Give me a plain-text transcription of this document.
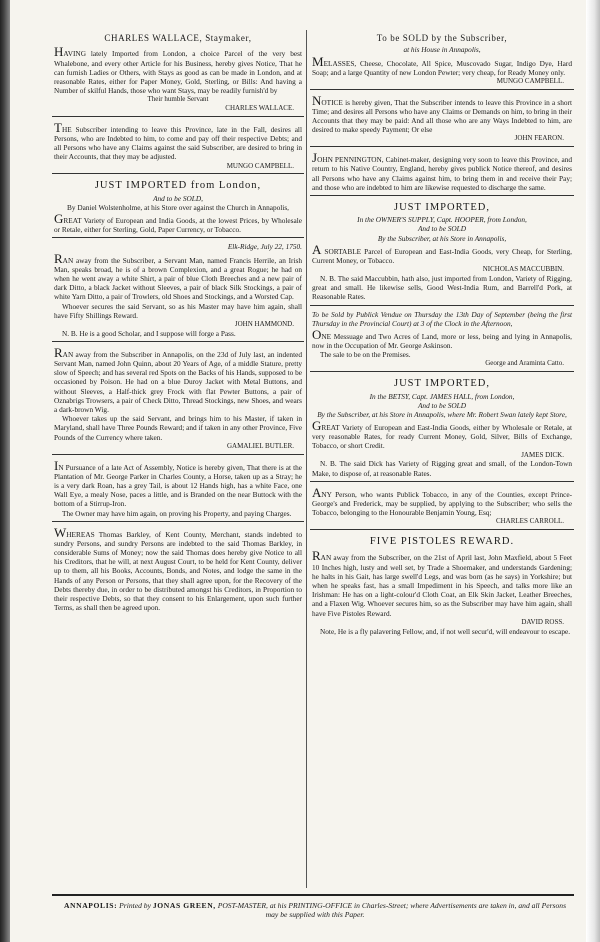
CHARLES WALLACE, Staymaker,

HAVING lately Imported from London, a choice Parcel of the very best Whalebone, and every other Article for his Business, hereby gives Notice, That he can furnish Ladies or Others, with Stays as good as can be made in London, and at reasonable Rates, either for Paper Money, Gold, Sterling, or Bills: And having a Number of skilful Hands, those who want Stays, may be readily furnish'd by

Their humble Servant
CHARLES WALLACE.

THE Subscriber intending to leave this Province, late in the Fall, desires all Persons, who are Indebted to him, to come and pay off their respective Debts; and all Persons who have any Claims against the said Subscriber, are desired to bring in their Accounts, that they may be adjusted.

MUNGO CAMPBELL.
JUST IMPORTED from London,
And to be SOLD,

By Daniel Wolstenholme, at his Store over against the Church in Annapolis,

GREAT Variety of European and India Goods, at the lowest Prices, by Wholesale or Retale, either for Sterling, Gold, Paper Currency, or Tobacco.

Elk-Ridge, July 22, 1750.

RAN away from the Subscriber, a Servant Man, named Francis Herrile, an Irish Man, speaks broad, he is of a brown Complexion, and a great Rogue; he had on when he went away a white Shirt, a pair of blue Cloth Breeches and a new pair of dark Ditto, a black Jacket without Sleeves, a pair of black Silk Stockings, a pair of white Yarn Ditto, a pair of Trowlers, old Shoes and Stockings, and a Worsted Cap.

Whoever secures the said Servant, so as his Master may have him again, shall have Fifty Shillings Reward.

JOHN HAMMOND.

N. B. He is a good Scholar, and I suppose will forge a Pass.

RAN away from the Subscriber in Annapolis, on the 23d of July last, an indented Servant Man, named John Quinn, about 20 Years of Age, of a middle Stature, pretty slow of Speech; and has several red Spots on the Backs of his Hands, supposed to be occasioned by Poison. He had on a blue Duroy Jacket with Metal Buttons, and without Sleeves, a Half-thick grey Frock with flat Pewter Buttons, a pair of Oznabrigs Trowsers, a pair of Check Ditto, Thread Stockings, new Shoes, and wears a dark-brown Wig.

Whoever takes up the said Servant, and brings him to his Master, if taken in Maryland, shall have Three Pounds Reward; and if taken in any other Province, Five Pounds of the Currency where taken.

GAMALIEL BUTLER.

IN Pursuance of a late Act of Assembly, Notice is hereby given, That there is at the Plantation of Mr. George Parker in Charles County, a Horse, taken up as a Stray; he is a very dark Roan, has a grey Tail, is about 12 Hands high, has a white Face, one Wall Eye, a mealy Nose, paces a little, and is Branded on the near Buttock with the bottom of a Stirrup-Iron.

The Owner may have him again, on proving his Property, and paying Charges.

WHEREAS Thomas Barkley, of Kent County, Merchant, stands indebted to sundry Persons, and sundry Persons are indebted to the said Thomas Barkley, in considerable Sums of Money; now the said Thomas does hereby give Notice to all his Creditors, that he will, at next August Court, to be held for Kent County, deliver up to them, all his Books, Accounts, Bonds, and Notes, and lodge the same in the Hands of any Person or Persons, that they shall agree upon, for the Recovery of the Debts thereby due, in order to be distributed amongst his Creditors, in Proportion to their respective Debts, so that they consent to his Enlargement, upon such further Terms, as shall then be agreed upon.

To be SOLD by the Subscriber,
at his House in Annapolis,

MELASSES, Cheese, Chocolate, All Spice, Muscovado Sugar, Indigo Dye, Hard Soap; and a large Quantity of new London Pewter; very cheap, for Ready Money only.

MUNGO CAMPBELL.

NOTICE is hereby given, That the Subscriber intends to leave this Province in a short Time; and desires all Persons who have any Claims or Demands on him, to bring in their Accounts that they may be paid: And all those who are any Ways Indebted to him, are desired to make speedy Payment; Or else

JOHN FEARON.

JOHN PENNINGTON, Cabinet-maker, designing very soon to leave this Province, and return to his Native Country, England, hereby gives publick Notice thereof, and desires all Persons who have any Claims against him, to bring them in and receive their Pay; and those who are indebted to him are likewise requested to discharge the same.

JUST IMPORTED,
In the OWNER'S SUPPLY, Capt. HOOPER, from London,
And to be SOLD
By the Subscriber, at his Store in Annapolis,

A SORTABLE Parcel of European and East-India Goods, very Cheap, for Sterling, Current Money, or Tobacco.

NICHOLAS MACCUBBIN.

N. B. The said Maccubbin, hath also, just imported from London, Variety of Rigging, great and small. He likewise sells, Good West-India Rum, and Barrell'd Pork, at Reasonable Rates.

To be Sold by Publick Vendue on Thursday the 13th Day of September (being the first Thursday in the Provincial Court) at 3 of the Clock in the Afternoon,

ONE Messuage and Two Acres of Land, more or less, being and lying in Annapolis, now in the Occupation of Mr. George Askinson.

The sale to be on the Premises.

George and Araminta Catto.
JUST IMPORTED,
In the BETSY, Capt. JAMES HALL, from London,
And to be SOLD
By the Subscriber, at his Store in Annapolis, where Mr. Robert Swan lately kept Store,

GREAT Variety of European and East-India Goods, either by Wholesale or Retale, at very reasonable Rates, for ready Current Money, Gold, Silver, Bills of Exchange, Tobacco, or short Credit.

JAMES DICK.

N. B. The said Dick has Variety of Rigging great and small, of the London-Town Make, to dispose of, at reasonable Rates.

ANY Person, who wants Publick Tobacco, in any of the Counties, except Prince-George's and Frederick, may be supplied, by applying to the Subscriber; who sells the Tobacco, belonging to the Honourable Benjamin Young, Esq;

CHARLES CARROLL.
FIVE PISTOLES REWARD.

RAN away from the Subscriber, on the 21st of April last, John Maxfield, about 5 Feet 10 Inches high, lusty and well set, by Trade a Shoemaker, and understands Gardening; he halts in his Gait, has large swell'd Legs, and was born (as he says) in Yorkshire; but when he speaks fast, has a small Impediment in his Speech, and talks more like an Irishman: He has on a light-colour'd Cloth Coat, an Elk Skin Jacket, Leather Breeches, and a Flaxen Wig. Whoever secures him, so as the Subscriber may have him again, shall have Five Pistoles Reward.

DAVID ROSS.

Note, He is a fly palavering Fellow, and, if not well secur'd, will endeavour to escape.

ANNAPOLIS: Printed by JONAS GREEN, POST-MASTER, at his PRINTING-OFFICE in Charles-Street; where Advertisements are taken in, and all Persons may be supplied with this Paper.
